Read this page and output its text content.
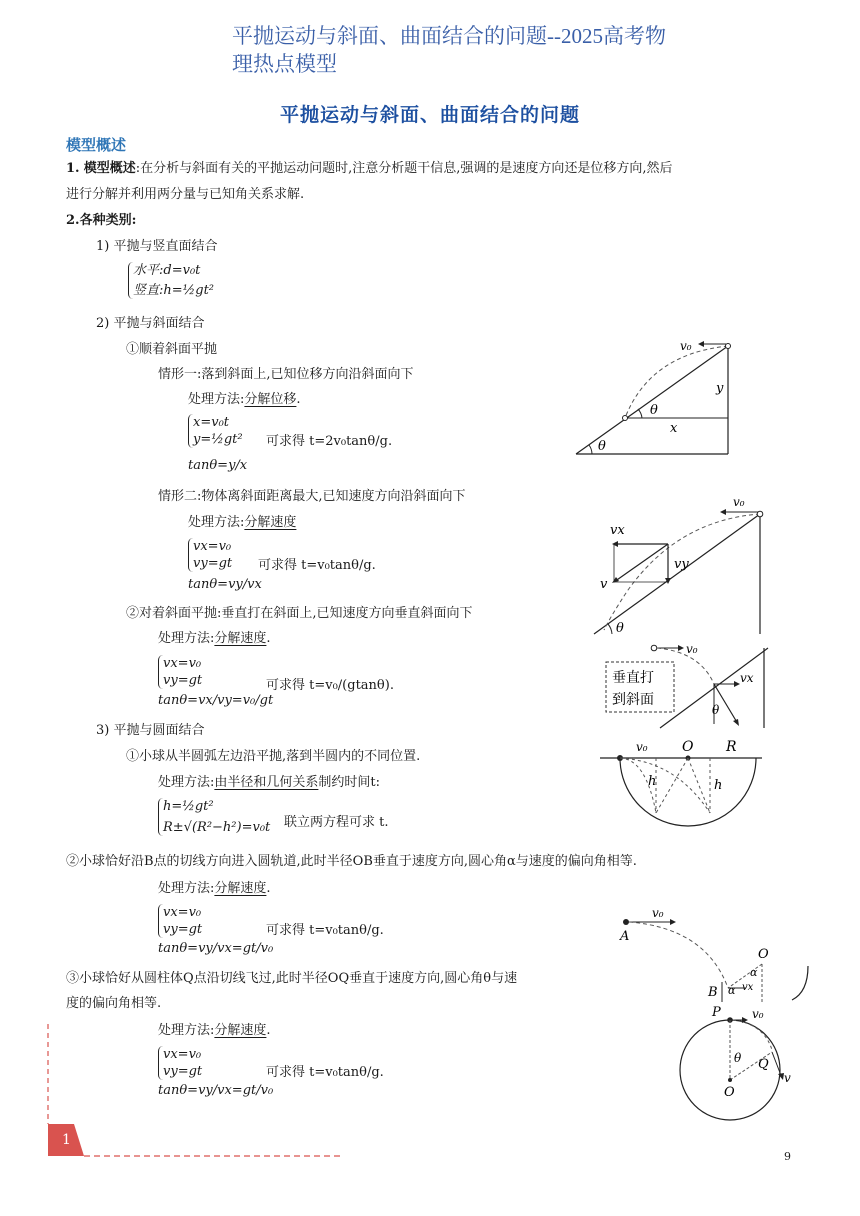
平抛运动与斜面、曲面结合的问题--2025高考物理热点模型
平抛运动与斜面、曲面结合的问题
模型概述
1. 模型概述:在分析与斜面有关的平抛运动问题时,注意分析题干信息,强调的是速度方向还是位移方向,然后
进行分解并利用两分量与已知角关系求解.
2.各种类别:
1) 平抛与竖直面结合
水平:d=v₀t
竖直:h=½gt²
2) 平抛与斜面结合
①顺着斜面平抛
情形一:落到斜面上,已知位移方向沿斜面向下
处理方法:分解位移.
x=v₀t
y=½gt²
tanθ=y/x
可求得 t=2v₀tanθ/g.
情形二:物体离斜面距离最大,已知速度方向沿斜面向下
处理方法:分解速度
vx=v₀
vy=gt
tanθ=vy/vx
可求得 t=v₀tanθ/g.
②对着斜面平抛:垂直打在斜面上,已知速度方向垂直斜面向下
处理方法:分解速度.
vx=v₀
vy=gt
tanθ=vx/vy=v₀/gt
可求得 t=v₀/(gtanθ).
3) 平抛与圆面结合
①小球从半圆弧左边沿平抛,落到半圆内的不同位置.
处理方法:由半径和几何关系制约时间t:
h=½gt²
R±√(R²−h²)=v₀t 联立两方程可求 t.
②小球恰好沿B点的切线方向进入圆轨道,此时半径OB垂直于速度方向,圆心角α与速度的偏向角相等.
处理方法:分解速度.
vx=v₀
vy=gt
tanθ=vy/vx=gt/v₀
可求得 t=v₀tanθ/g.
③小球恰好从圆柱体Q点沿切线飞过,此时半径OQ垂直于速度方向,圆心角θ与速
度的偏向角相等.
处理方法:分解速度.
vx=v₀
vy=gt
tanθ=vy/vx=gt/v₀
可求得 t=v₀tanθ/g.
v₀
y
x
θ
θ
v₀
vx
vy
v
θ
v₀
垂直打
到斜面
vx
θ
v₀ O R
h	h
v₀
A
O
α
B α vx
P	v₀
θ Q
O
v
1
9
